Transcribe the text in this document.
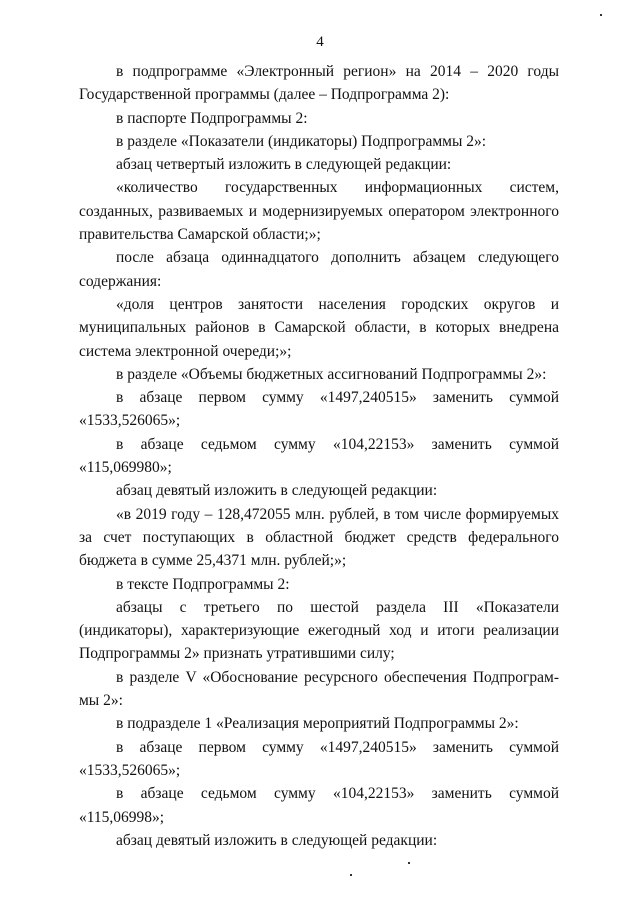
4

в подпрограмме «Электронный регион» на 2014 – 2020 годы Государственной программы (далее – Подпрограмма 2):

в паспорте Подпрограммы 2:

в разделе «Показатели (индикаторы) Подпрограммы 2»:

абзац четвертый изложить в следующей редакции:

«количество государственных информационных систем, созданных, развиваемых и модернизируемых оператором электронного правительства Самарской области;»;

после абзаца одиннадцатого дополнить абзацем следующего содержания:

«доля центров занятости населения городских округов и муниципальных районов в Самарской области, в которых внедрена система электронной очереди;»;

в разделе «Объемы бюджетных ассигнований Подпрограммы 2»:

в абзаце первом сумму «1497,240515» заменить суммой «1533,526065»;

в абзаце седьмом сумму «104,22153» заменить суммой «115,069980»;

абзац девятый изложить в следующей редакции:

«в 2019 году – 128,472055 млн. рублей, в том числе формируемых за счет поступающих в областной бюджет средств федерального бюджета в сумме 25,4371 млн. рублей;»;

в тексте Подпрограммы 2:

абзацы с третьего по шестой раздела III «Показатели (индикаторы), характеризующие ежегодный ход и итоги реализации Подпрограммы 2» признать утратившими силу;

в разделе V «Обоснование ресурсного обеспечения Подпрограммы 2»:

в подразделе 1 «Реализация мероприятий Подпрограммы 2»:

в абзаце первом сумму «1497,240515» заменить суммой «1533,526065»;

в абзаце седьмом сумму «104,22153» заменить суммой «115,06998»;

абзац девятый изложить в следующей редакции:
